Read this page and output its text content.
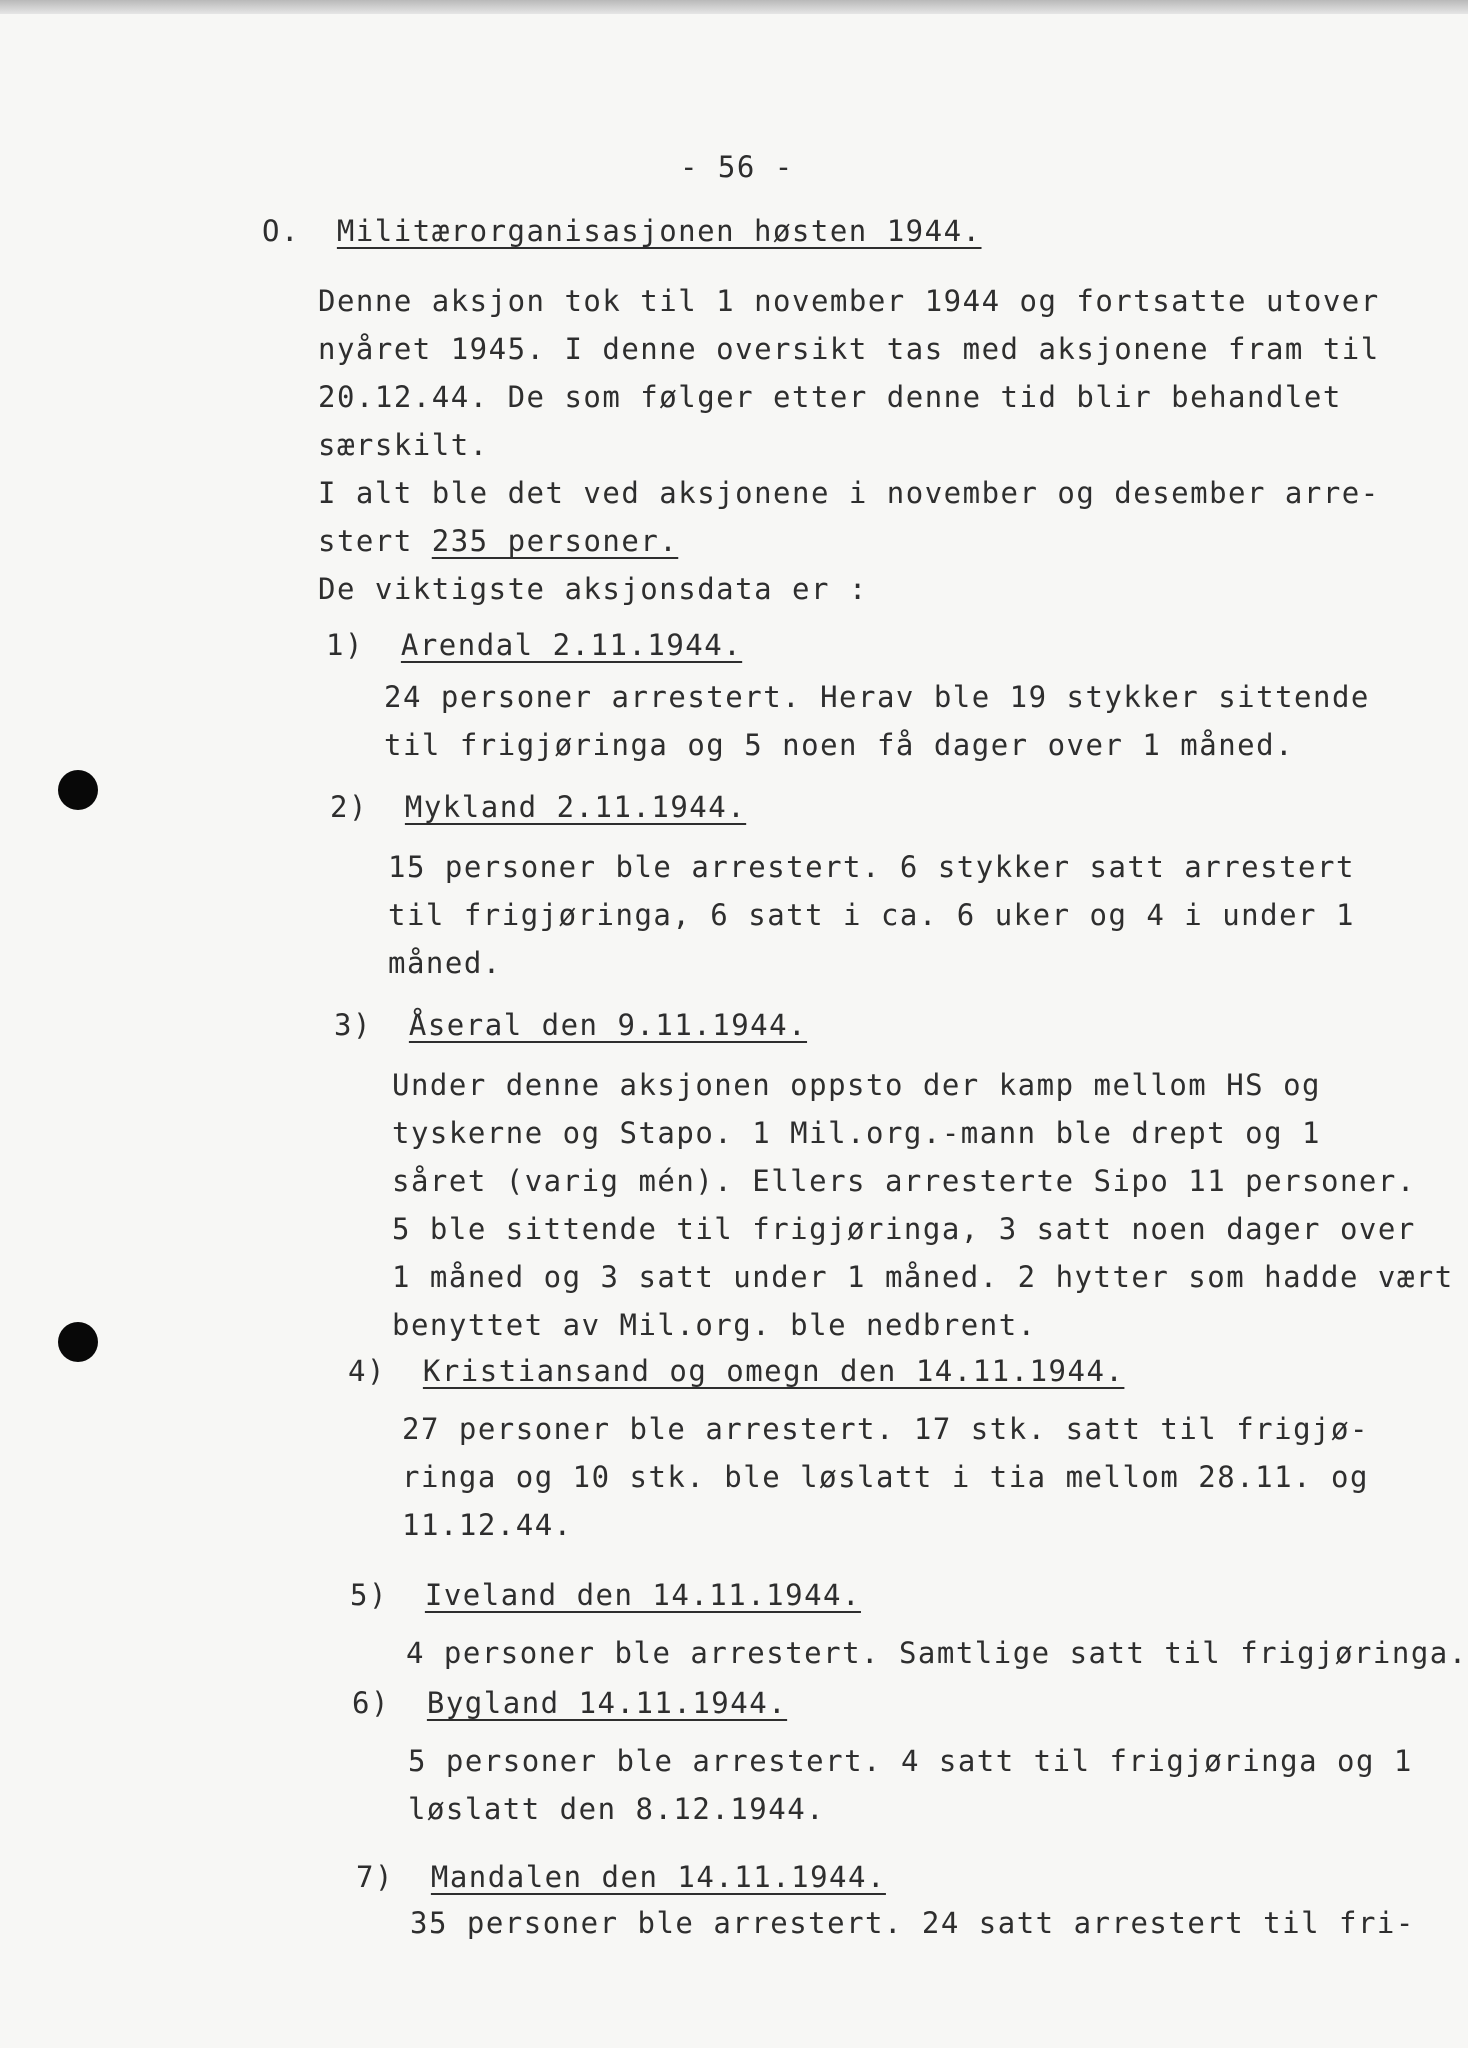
- 56 -
O. Militærorganisasjonen høsten 1944.
Denne aksjon tok til 1 november 1944 og fortsatte utover
nyåret 1945. I denne oversikt tas med aksjonene fram til
20.12.44. De som følger etter denne tid blir behandlet
særskilt.
I alt ble det ved aksjonene i november og desember arre-
stert 235 personer.
De viktigste aksjonsdata er :
1) Arendal 2.11.1944.
24 personer arrestert. Herav ble 19 stykker sittende
til frigjøringa og 5 noen få dager over 1 måned.
2) Mykland 2.11.1944.
15 personer ble arrestert. 6 stykker satt arrestert
til frigjøringa, 6 satt i ca. 6 uker og 4 i under 1
måned.
3) Åseral den 9.11.1944.
Under denne aksjonen oppsto der kamp mellom HS og
tyskerne og Stapo. 1 Mil.org.-mann ble drept og 1
såret (varig mén). Ellers arresterte Sipo 11 personer.
5 ble sittende til frigjøringa, 3 satt noen dager over
1 måned og 3 satt under 1 måned. 2 hytter som hadde vært
benyttet av Mil.org. ble nedbrent.
4) Kristiansand og omegn den 14.11.1944.
27 personer ble arrestert. 17 stk. satt til frigjø-
ringa og 10 stk. ble løslatt i tia mellom 28.11. og
11.12.44.
5) Iveland den 14.11.1944.
4 personer ble arrestert. Samtlige satt til frigjøringa.
6) Bygland 14.11.1944.
5 personer ble arrestert. 4 satt til frigjøringa og 1
løslatt den 8.12.1944.
7) Mandalen den 14.11.1944.
35 personer ble arrestert. 24 satt arrestert til fri-
